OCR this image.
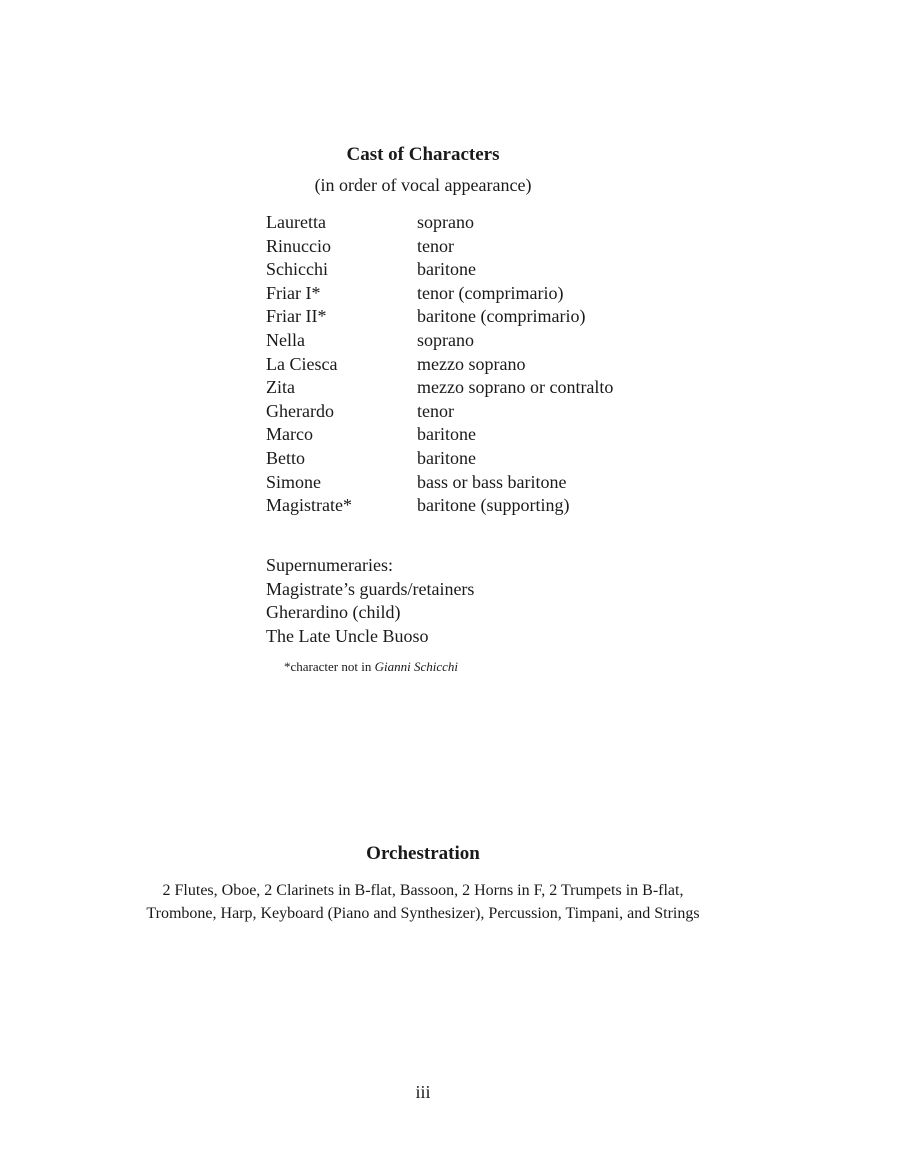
Cast of Characters
(in order of vocal appearance)
Lauretta	soprano
Rinuccio	tenor
Schicchi	baritone
Friar I*	tenor (comprimario)
Friar II*	baritone (comprimario)
Nella	soprano
La Ciesca	mezzo soprano
Zita	mezzo soprano or contralto
Gherardo	tenor
Marco	baritone
Betto	baritone
Simone	bass or bass baritone
Magistrate*	baritone (supporting)
Supernumeraries:
Magistrate’s guards/retainers
Gherardino (child)
The Late Uncle Buoso
*character not in Gianni Schicchi
Orchestration
2 Flutes, Oboe, 2 Clarinets in B-flat, Bassoon, 2 Horns in F, 2 Trumpets in B-flat,
Trombone, Harp, Keyboard (Piano and Synthesizer), Percussion, Timpani, and Strings
iii
